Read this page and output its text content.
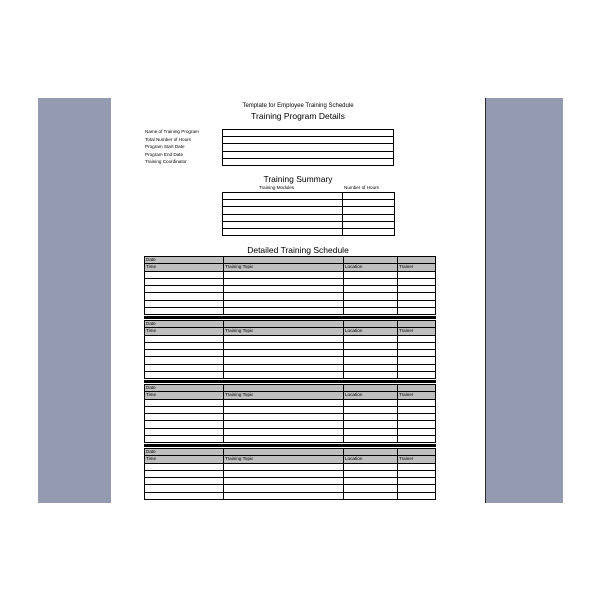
Template for Employee Training Schedule
Training Program Details
Name of Training Program
Total Number of Hours
Program Start Date
Program End Date
Training Coordinator

Training Summary
Training Modules	Number of Hours

Detailed Training Schedule
Date			
Time	Training Topic	Location	Trainer

Date			
Time	Training Topic	Location	Trainer

Date			
Time	Training Topic	Location	Trainer

Date			
Time	Training Topic	Location	Trainer
